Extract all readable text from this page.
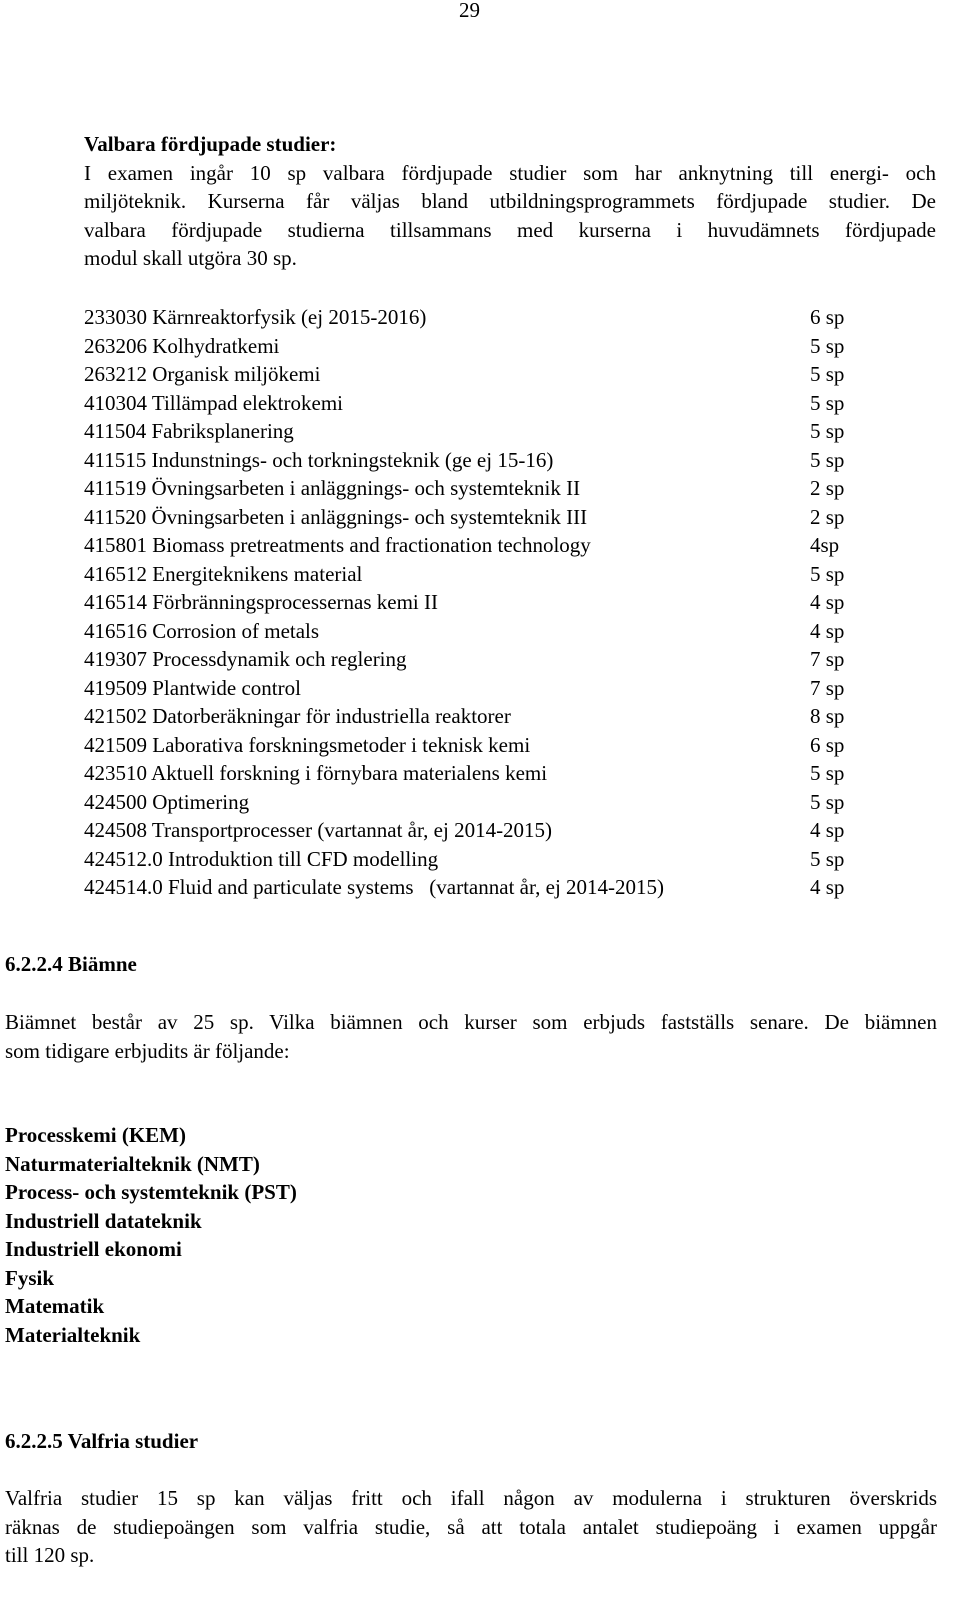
29
Valbara fördjupade studier:
I examen ingår 10 sp valbara fördjupade studier som har anknytning till energi- och
miljöteknik. Kurserna får väljas bland utbildningsprogrammets fördjupade studier. De
valbara fördjupade studierna tillsammans med kurserna i huvudämnets fördjupade
modul skall utgöra 30 sp.
233030 Kärnreaktorfysik (ej 2015-2016)	6 sp
263206 Kolhydratkemi	5 sp
263212 Organisk miljökemi	5 sp
410304 Tillämpad elektrokemi	5 sp
411504 Fabriksplanering	5 sp
411515 Indunstnings- och torkningsteknik (ge ej 15-16)	5 sp
411519 Övningsarbeten i anläggnings- och systemteknik II	2 sp
411520 Övningsarbeten i anläggnings- och systemteknik III	2 sp
415801 Biomass pretreatments and fractionation technology	4sp
416512 Energiteknikens material	5 sp
416514 Förbränningsprocessernas kemi II	4 sp
416516 Corrosion of metals	4 sp
419307 Processdynamik och reglering	7 sp
419509 Plantwide control	7 sp
421502 Datorberäkningar för industriella reaktorer	8 sp
421509 Laborativa forskningsmetoder i teknisk kemi	6 sp
423510 Aktuell forskning i förnybara materialens kemi	5 sp
424500 Optimering	5 sp
424508 Transportprocesser (vartannat år, ej 2014-2015)	4 sp
424512.0 Introduktion till CFD modelling	5 sp
424514.0 Fluid and particulate systems   (vartannat år, ej 2014-2015)	4 sp
6.2.2.4 Biämne
Biämnet består av 25 sp. Vilka biämnen och kurser som erbjuds fastställs senare. De biämnen
som tidigare erbjudits är följande:
Processkemi (KEM)
Naturmaterialteknik (NMT)
Process- och systemteknik (PST)
Industriell datateknik
Industriell ekonomi
Fysik
Matematik
Materialteknik
6.2.2.5 Valfria studier
Valfria studier 15 sp kan väljas fritt och ifall någon av modulerna i strukturen överskrids
räknas de studiepoängen som valfria studie, så att totala antalet studiepoäng i examen uppgår
till 120 sp.
